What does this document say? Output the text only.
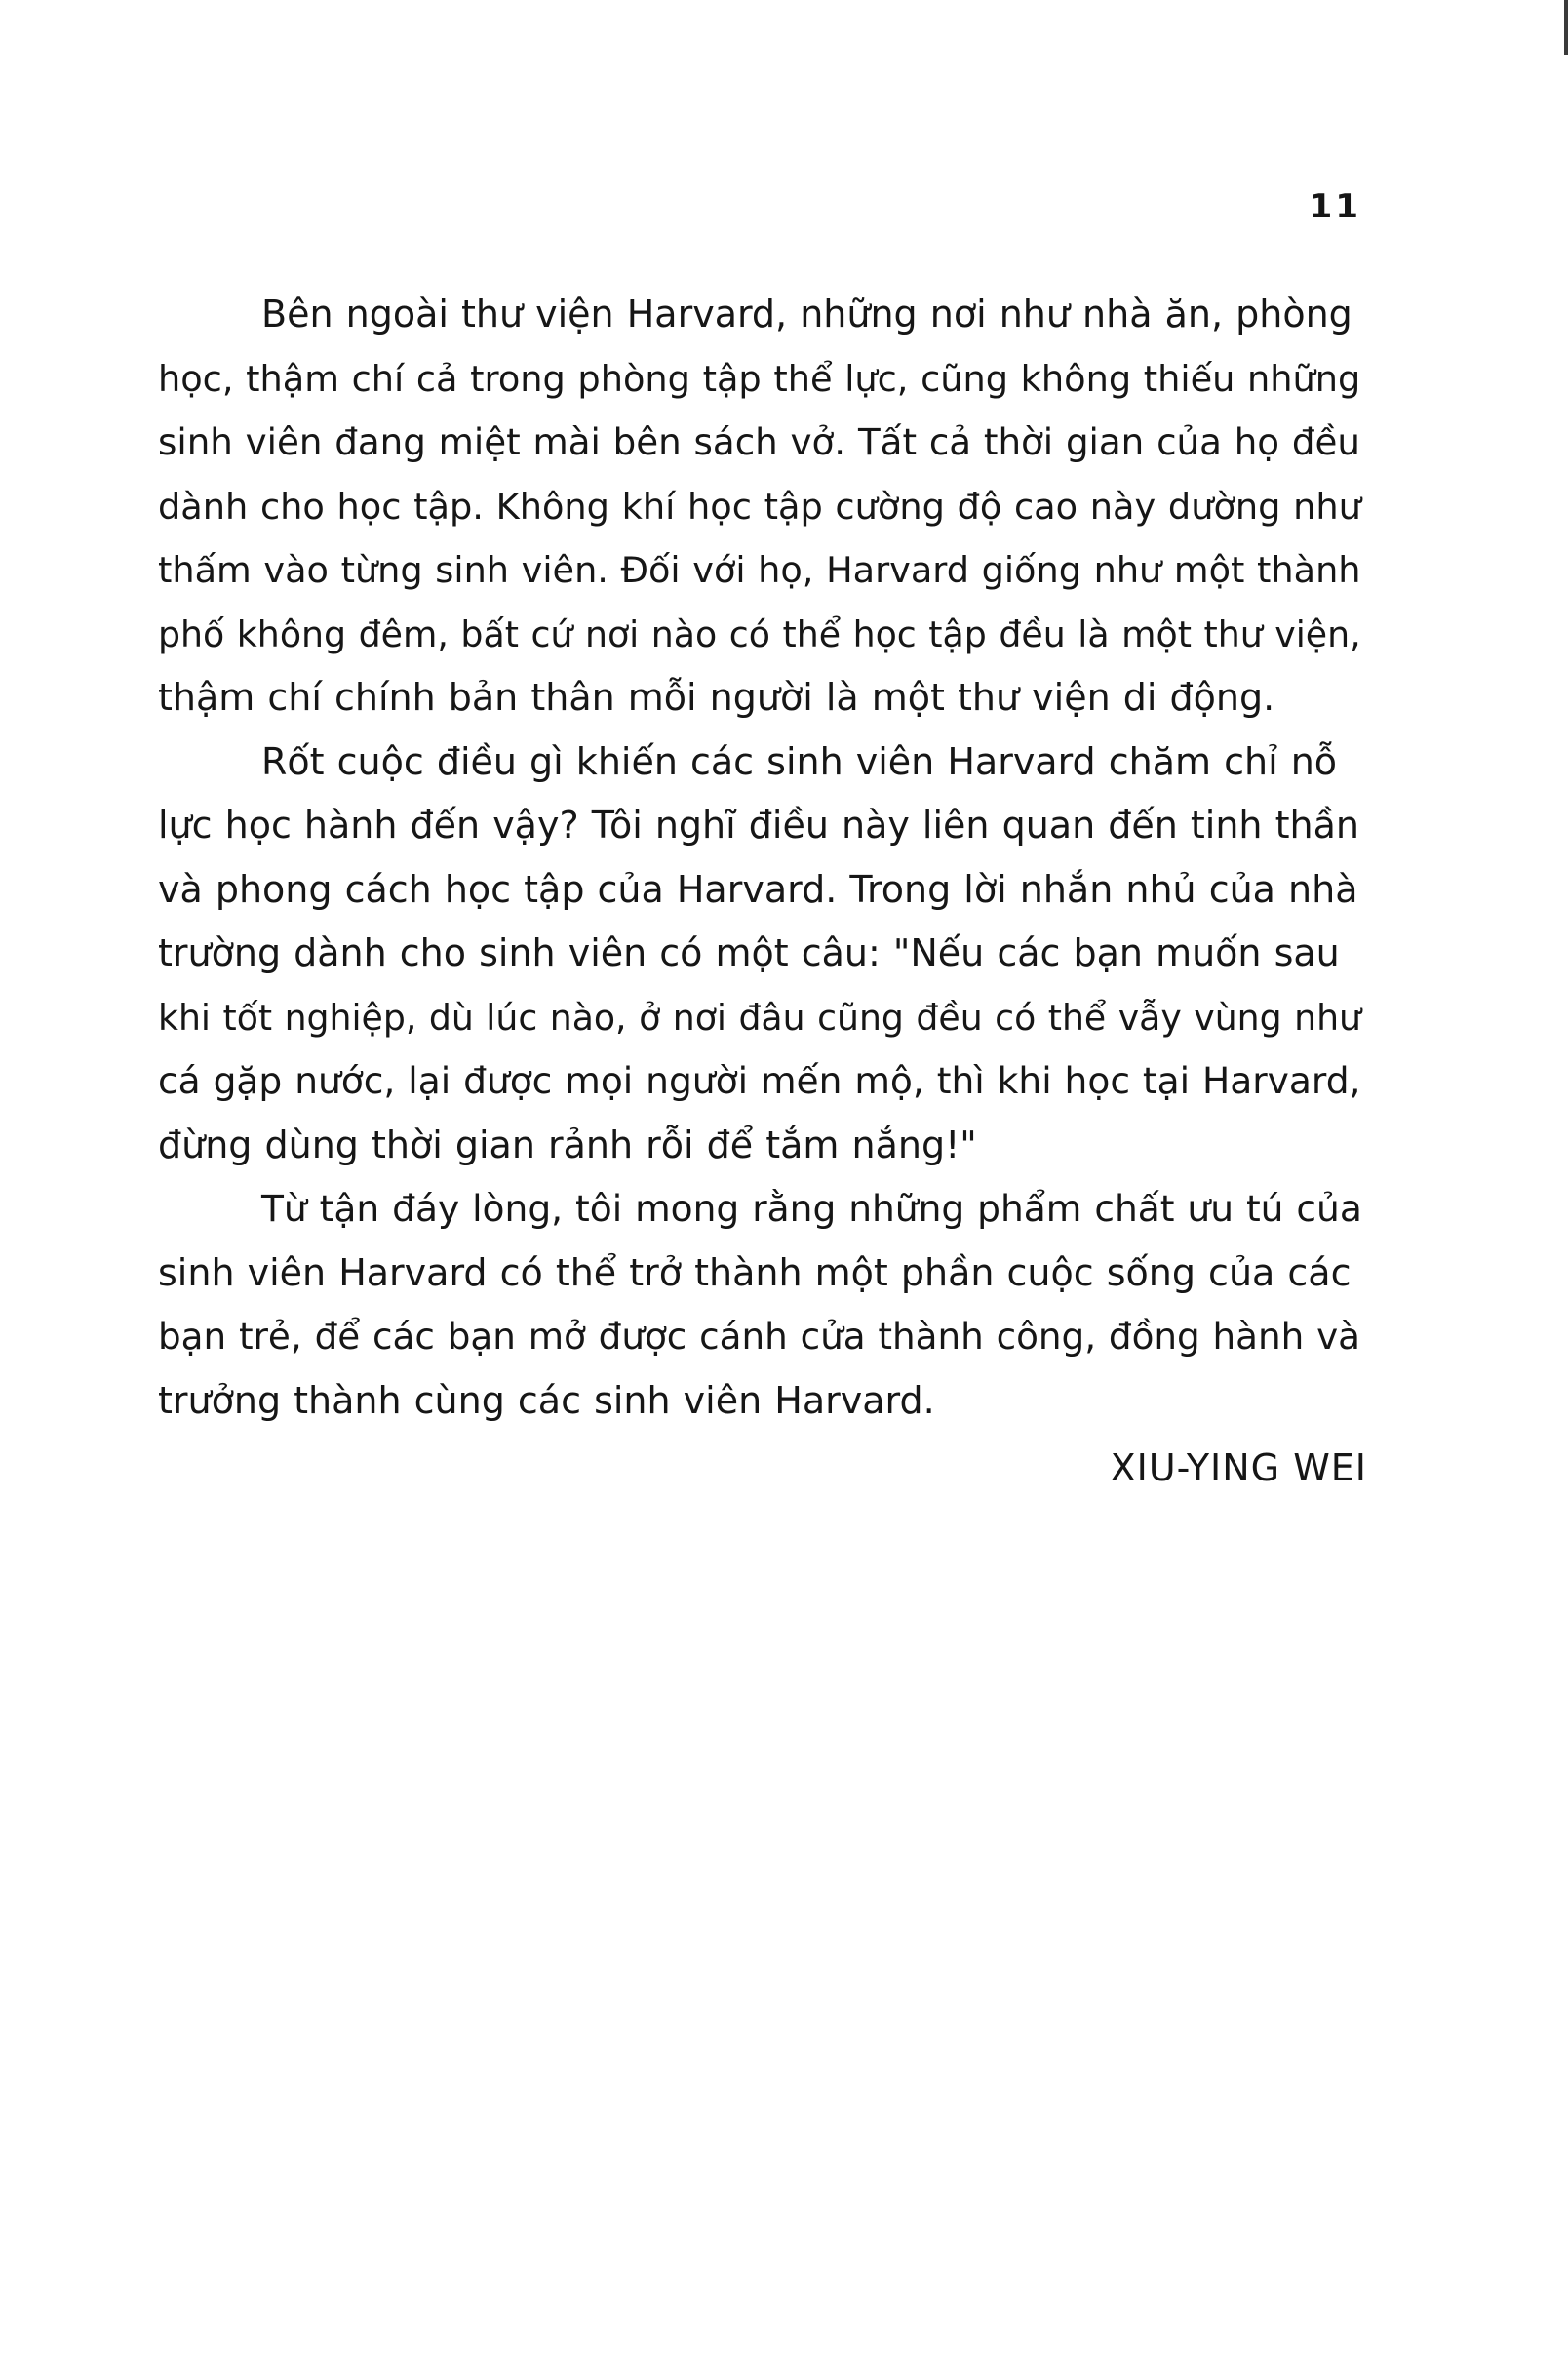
11
Bên ngoài thư viện Harvard, những nơi như nhà ăn, phòng
học, thậm chí cả trong phòng tập thể lực, cũng không thiếu những
sinh viên đang miệt mài bên sách vở. Tất cả thời gian của họ đều
dành cho học tập. Không khí học tập cường độ cao này dường như
thấm vào từng sinh viên. Đối với họ, Harvard giống như một thành
phố không đêm, bất cứ nơi nào có thể học tập đều là một thư viện,
thậm chí chính bản thân mỗi người là một thư viện di động.
Rốt cuộc điều gì khiến các sinh viên Harvard chăm chỉ nỗ
lực học hành đến vậy? Tôi nghĩ điều này liên quan đến tinh thần
và phong cách học tập của Harvard. Trong lời nhắn nhủ của nhà
trường dành cho sinh viên có một câu: "Nếu các bạn muốn sau
khi tốt nghiệp, dù lúc nào, ở nơi đâu cũng đều có thể vẫy vùng như
cá gặp nước, lại được mọi người mến mộ, thì khi học tại Harvard,
đừng dùng thời gian rảnh rỗi để tắm nắng!"
Từ tận đáy lòng, tôi mong rằng những phẩm chất ưu tú của
sinh viên Harvard có thể trở thành một phần cuộc sống của các
bạn trẻ, để các bạn mở được cánh cửa thành công, đồng hành và
trưởng thành cùng các sinh viên Harvard.
XIU-YING WEI
